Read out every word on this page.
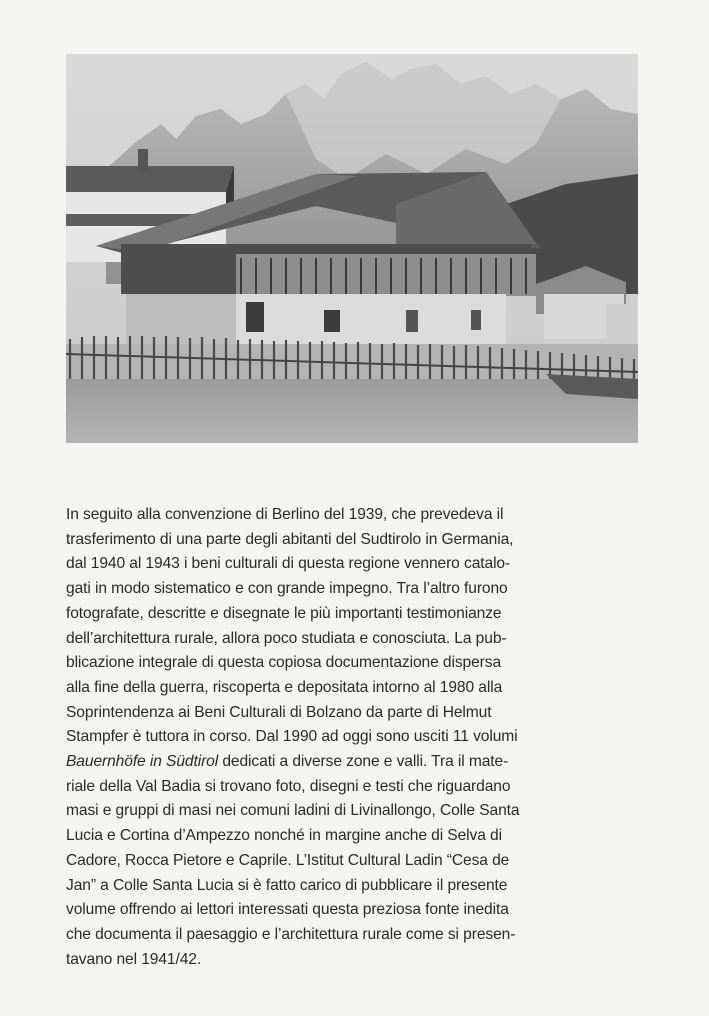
In seguito alla convenzione di Berlino del 1939, che prevedeva il
trasferimento di una parte degli abitanti del Sudtirolo in Germania,
dal 1940 al 1943 i beni culturali di questa regione vennero catalo-
gati in modo sistematico e con grande impegno. Tra l’altro furono
fotografate, descritte e disegnate le più importanti testimonianze
dell’architettura rurale, allora poco studiata e conosciuta. La pub-
blicazione integrale di questa copiosa documentazione dispersa
alla fine della guerra, riscoperta e depositata intorno al 1980 alla
Soprintendenza ai Beni Culturali di Bolzano da parte di Helmut
Stampfer è tuttora in corso. Dal 1990 ad oggi sono usciti 11 volumi
Bauernhöfe in Südtirol dedicati a diverse zone e valli. Tra il mate-
riale della Val Badia si trovano foto, disegni e testi che riguardano
masi e gruppi di masi nei comuni ladini di Livinallongo, Colle Santa
Lucia e Cortina d’Ampezzo nonché in margine anche di Selva di
Cadore, Rocca Pietore e Caprile. L’Istitut Cultural Ladin “Cesa de
Jan” a Colle Santa Lucia si è fatto carico di pubblicare il presente
volume offrendo ai lettori interessati questa preziosa fonte inedita
che documenta il paesaggio e l’architettura rurale come si presen-
tavano nel 1941/42.
